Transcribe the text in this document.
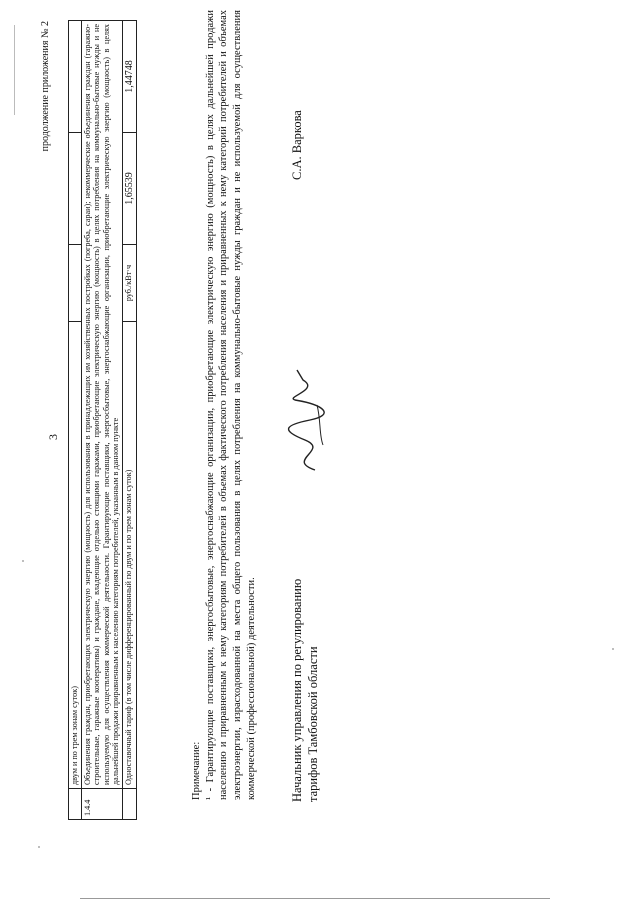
3
продолжение приложения № 2
	двум и по трем зонам суток)			
1.4.4	Объединения граждан, приобретающих электрическую энергию (мощность) для использования в принадлежащих им хозяйственных постройках (погреба, сараи); некоммерческие объединения граждан (гаражно-строительные, гаражные кооперативы) и граждане, владеющие отдельно стоящими гаражами, приобретающие электрическую энергию (мощность) в целях потребления на коммунально-бытовые нужды и не используемую для осуществления коммерческой деятельности. Гарантирующие поставщики, энергосбытовые, энергоснабжающие организации, приобретающие электрическую энергию (мощность) в целях дальнейшей продажи приравненным к населению категориям потребителей, указанным в данном пункте			
	Одноставочный тариф (в том числе дифференцированный по двум и по трем зонам суток)	руб./кВт·ч	1,65539	1,44748
Примечание: ¹ - Гарантирующие поставщики, энергосбытовые, энергоснабжающие организации, приобретающие электрическую энергию (мощность) в целях дальнейшей продажи населению и приравненным к нему категориям потребителей в объемах фактического потребления населения и приравненных к нему категорий потребителей и объемах электроэнергии, израсходованной на места общего пользования в целях потребления на коммунально-бытовые нужды граждан и не используемой для осуществления коммерческой (профессиональной) деятельности.	Начальник управления по регулированию тарифов Тамбовской области
С.А. Варкова
